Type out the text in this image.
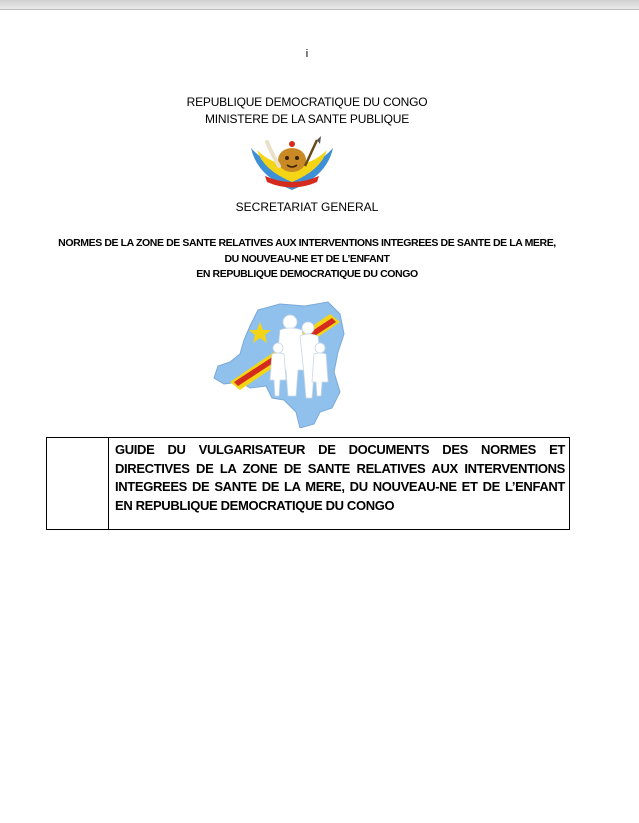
i
REPUBLIQUE DEMOCRATIQUE DU CONGO
MINISTERE DE LA SANTE PUBLIQUE
SECRETARIAT GENERAL
NORMES DE LA ZONE DE SANTE RELATIVES AUX INTERVENTIONS INTEGREES DE SANTE DE LA MERE,
DU NOUVEAU-NE ET DE L’ENFANT
EN REPUBLIQUE DEMOCRATIQUE DU CONGO
GUIDE DU VULGARISATEUR DE DOCUMENTS DES NORMES ET
DIRECTIVES DE LA ZONE DE SANTE RELATIVES AUX INTERVENTIONS
INTEGREES DE SANTE DE LA MERE, DU NOUVEAU-NE ET DE L’ENFANT
EN REPUBLIQUE DEMOCRATIQUE DU CONGO
